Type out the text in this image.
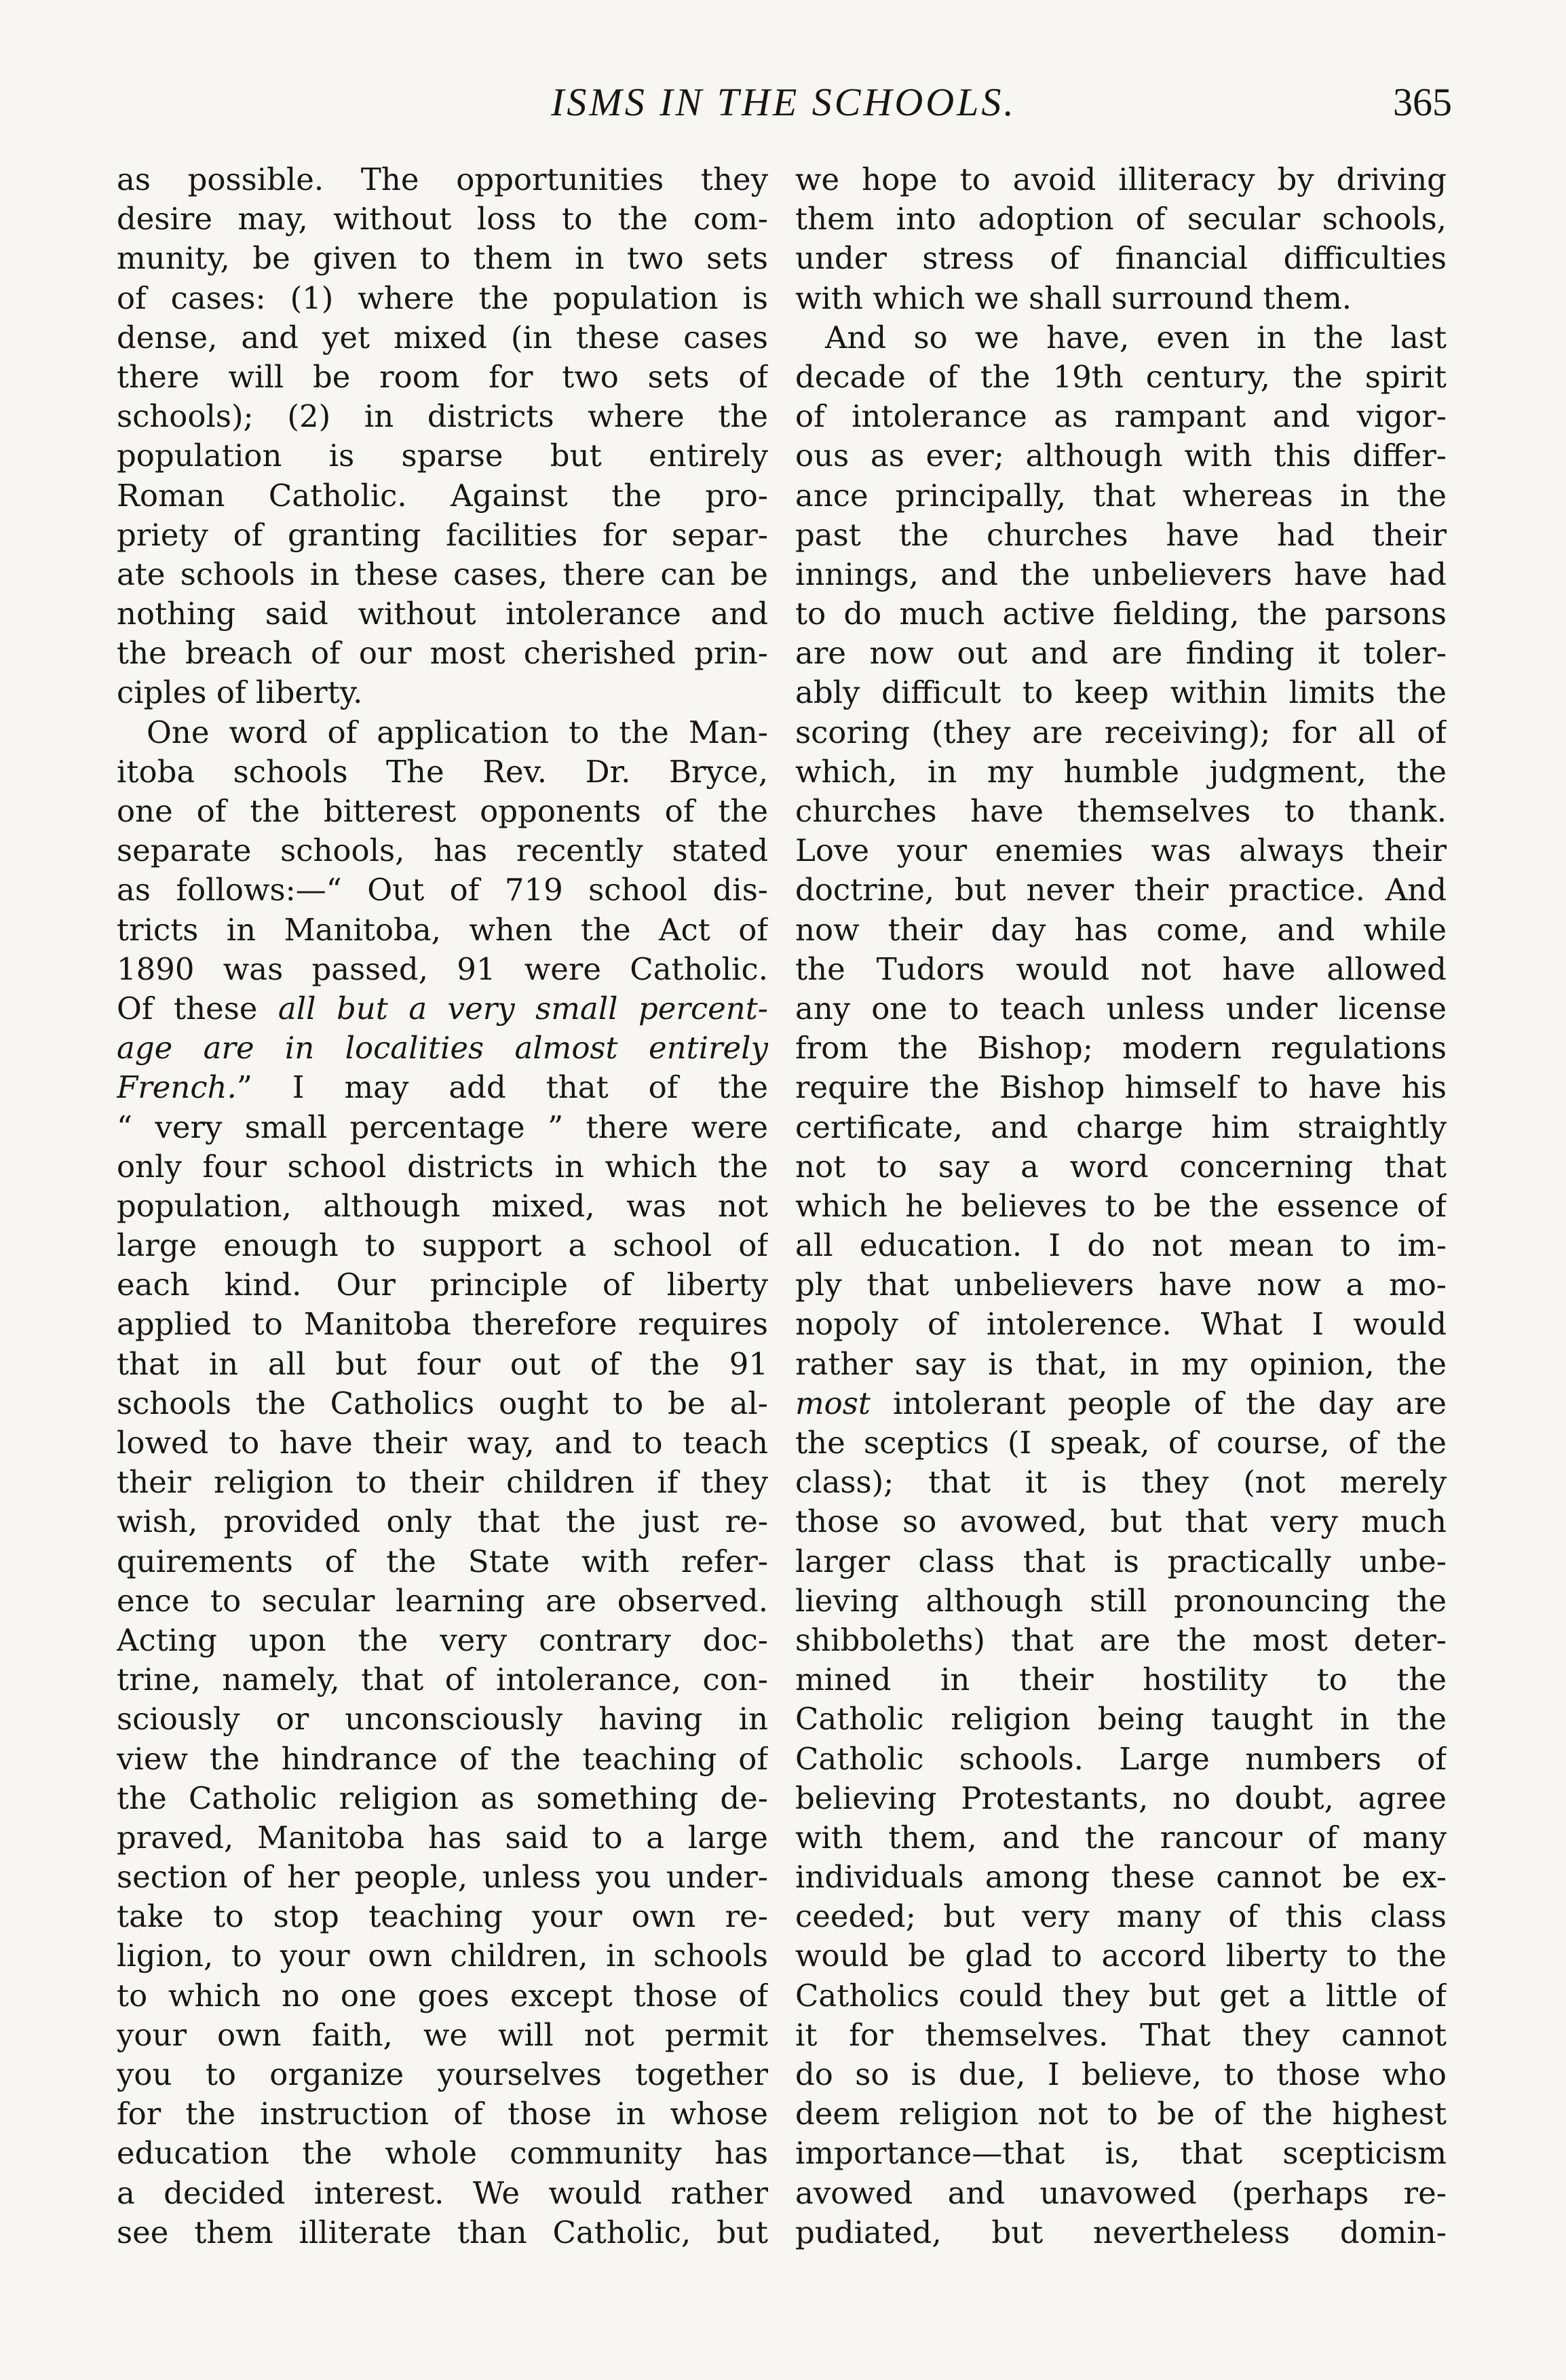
ISMS IN THE SCHOOLS.	365
as possible. The opportunities they
desire may, without loss to the com-
munity, be given to them in two sets
of cases: (1) where the population is
dense, and yet mixed (in these cases
there will be room for two sets of
schools); (2) in districts where the
population is sparse but entirely
Roman Catholic. Against the pro-
priety of granting facilities for separ-
ate schools in these cases, there can be
nothing said without intolerance and
the breach of our most cherished prin-
ciples of liberty.
One word of application to the Man-
itoba schools The Rev. Dr. Bryce,
one of the bitterest opponents of the
separate schools, has recently stated
as follows:—“ Out of 719 school dis-
tricts in Manitoba, when the Act of
1890 was passed, 91 were Catholic.
Of these all but a very small percent-
age are in localities almost entirely
French.” I may add that of the
“ very small percentage ” there were
only four school districts in which the
population, although mixed, was not
large enough to support a school of
each kind. Our principle of liberty
applied to Manitoba therefore requires
that in all but four out of the 91
schools the Catholics ought to be al-
lowed to have their way, and to teach
their religion to their children if they
wish, provided only that the just re-
quirements of the State with refer-
ence to secular learning are observed.
Acting upon the very contrary doc-
trine, namely, that of intolerance, con-
sciously or unconsciously having in
view the hindrance of the teaching of
the Catholic religion as something de-
praved, Manitoba has said to a large
section of her people, unless you under-
take to stop teaching your own re-
ligion, to your own children, in schools
to which no one goes except those of
your own faith, we will not permit
you to organize yourselves together
for the instruction of those in whose
education the whole community has
a decided interest. We would rather
see them illiterate than Catholic, but
we hope to avoid illiteracy by driving
them into adoption of secular schools,
under stress of financial difficulties
with which we shall surround them.
And so we have, even in the last
decade of the 19th century, the spirit
of intolerance as rampant and vigor-
ous as ever; although with this differ-
ance principally, that whereas in the
past the churches have had their
innings, and the unbelievers have had
to do much active fielding, the parsons
are now out and are finding it toler-
ably difficult to keep within limits the
scoring (they are receiving); for all of
which, in my humble judgment, the
churches have themselves to thank.
Love your enemies was always their
doctrine, but never their practice. And
now their day has come, and while
the Tudors would not have allowed
any one to teach unless under license
from the Bishop; modern regulations
require the Bishop himself to have his
certificate, and charge him straightly
not to say a word concerning that
which he believes to be the essence of
all education. I do not mean to im-
ply that unbelievers have now a mo-
nopoly of intolerence. What I would
rather say is that, in my opinion, the
most intolerant people of the day are
the sceptics (I speak, of course, of the
class); that it is they (not merely
those so avowed, but that very much
larger class that is practically unbe-
lieving although still pronouncing the
shibboleths) that are the most deter-
mined in their hostility to the
Catholic religion being taught in the
Catholic schools. Large numbers of
believing Protestants, no doubt, agree
with them, and the rancour of many
individuals among these cannot be ex-
ceeded; but very many of this class
would be glad to accord liberty to the
Catholics could they but get a little of
it for themselves. That they cannot
do so is due, I believe, to those who
deem religion not to be of the highest
importance—that is, that scepticism
avowed and unavowed (perhaps re-
pudiated, but nevertheless domin-
